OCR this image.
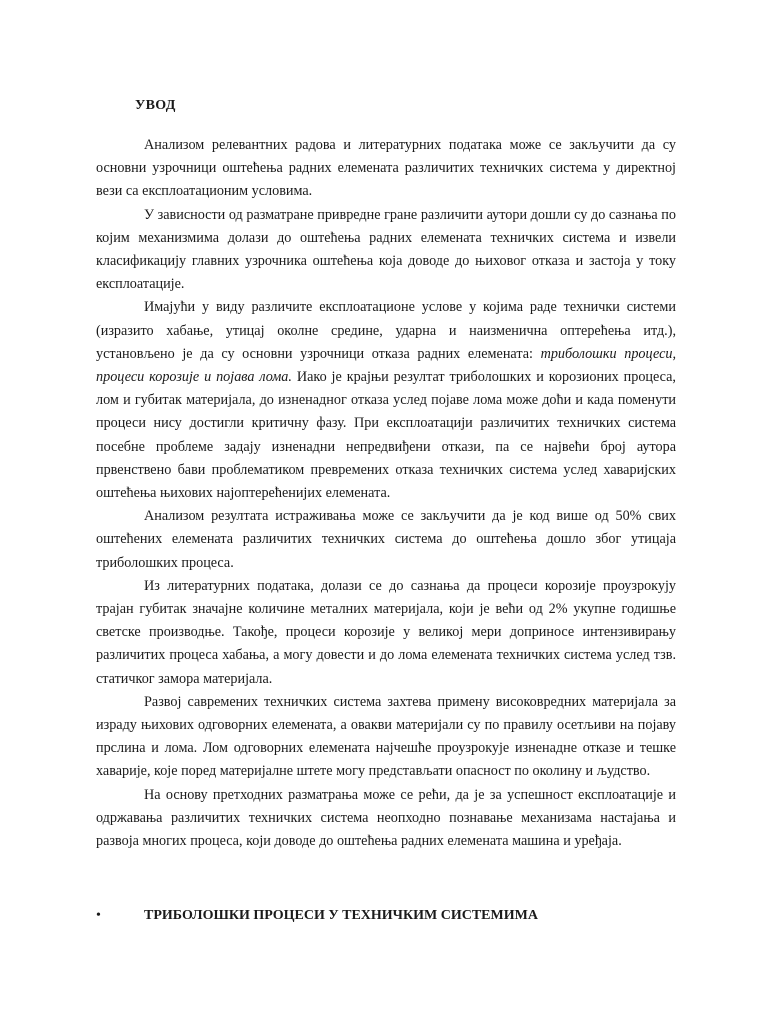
УВОД

Анализом релевантних радова и литературних података може се закључити да су основни узрочници оштећења радних елемената различитих техничких система у директној вези са експлоатационим условима.

У зависности од разматране привредне гране различити аутори дошли су до сазнања по којим механизмима долази до оштећења радних елемената техничких система и извели класификацију главних узрочника оштећења која доводе до њиховог отказа и застоја у току експлоатације.

Имајући у виду различите експлоатационе услове у којима раде технички системи (изразито хабање, утицај околне средине, ударна и наизменична оптерећења итд.), установљено је да су основни узрочници отказа радних елемената: триболошки процеси, процеси корозије и појава лома. Иако је крајњи резултат триболошких и корозионих процеса, лом и губитак материјала, до изненадног отказа услед појаве лома може доћи и када поменути процеси нису достигли критичну фазу. При експлоатацији различитих техничких система посебне проблеме задају изненадни непредвиђени откази, па се највећи број аутора првенствено бави проблематиком превремених отказа техничких система услед хаваријских оштећења њихових најоптерећенијих елемената.

Анализом резултата истраживања може се закључити да је код више од 50% свих оштећених елемената различитих техничких система до оштећења дошло због утицаја триболошких процеса.

Из литературних података, долази се до сазнања да процеси корозије проузрокују трајан губитак значајне количине металних материјала, који је већи од 2% укупне годишње светске производње. Такође, процеси корозије у великој мери доприносе интензивирању различитих процеса хабања, а могу довести и до лома елемената техничких система услед тзв. статичког замора материјала.

Развој савремених техничких система захтева примену високовредних материјала за израду њихових одговорних елемената, а овакви материјали су по правилу осетљиви на појаву прслина и лома. Лом одговорних елемената најчешће проузрокује изненадне отказе и тешке хаварије, које поред материјалне штете могу представљати опасност по околину и људство.

На основу претходних разматрања може се рећи, да је за успешност експлоатације и одржавања различитих техничких система неопходно познавање механизама настајања и развоја многих процеса, који доводе до оштећења радних елемената машина и уређаја.

•	ТРИБОЛОШКИ ПРОЦЕСИ У ТЕХНИЧКИМ СИСТЕМИМА
